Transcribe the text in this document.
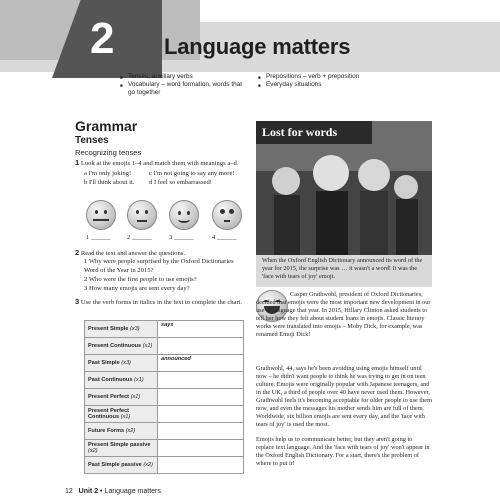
2 Language matters
■ Tenses, auxiliary verbs
■ Vocabulary – word formation, words that go together
■ Prepositions – verb + preposition
■ Everyday situations
Grammar
Tenses
Recognizing tenses
1 Look at the emojis 1–4 and match them with meanings a–d.
a I'm only joking!
b I'll think about it.
c I'm not going to say any more!
d I feel so embarrassed!
1 ______ 2 ______	3 ______	4 ______
2 Read the text and answer the questions.
1 Why were people surprised by the Oxford Dictionaries Word of the Year in 2015?
2 Who were the first people to use emojis?
3 How many emojis are sent every day?
3 Use the verb forms in italics in the text to complete the chart.
Present Simple (x3)	says
Present Continuous (x1)	
Past Simple (x3)	announced
Past Continuous (x1)	
Present Perfect (x1)	
Present Perfect Continuous (x1)	
Future Forms (x2)	
Present Simple passive (x2)	
Past Simple passive (x2)	
Lost for words
When the Oxford English Dictionary announced its word of the year for 2015, the surprise was … it wasn't a word! It was the 'face with tears of joy' emoji.

Casper Grathwohl, president of Oxford Dictionaries, decided that emojis were the most important new development in our use of language that year. In 2015, Hillary Clinton asked students to tell her how they felt about student loans in emojis. Classic literary works were translated into emojis – Moby Dick, for example, was renamed Emoji Dick!

Grathwohl, 44, says he's been avoiding using emojis himself until now – he didn't want people to think he was trying to get in on teen culture. Emojis were originally popular with Japanese teenagers, and in the UK, a third of people over 40 have never used them. However, Grathwohl feels it's becoming acceptable for older people to use them now, and even the messages his mother sends him are full of them. Worldwide, six billion emojis are sent every day, and the 'face with tears of joy' is used the most.

Emojis help us to communicate better, but they aren't going to replace text language. And the 'face with tears of joy' won't appear in the Oxford English Dictionary. For a start, there's the problem of where to put it!

12 Unit 2 • Language matters
